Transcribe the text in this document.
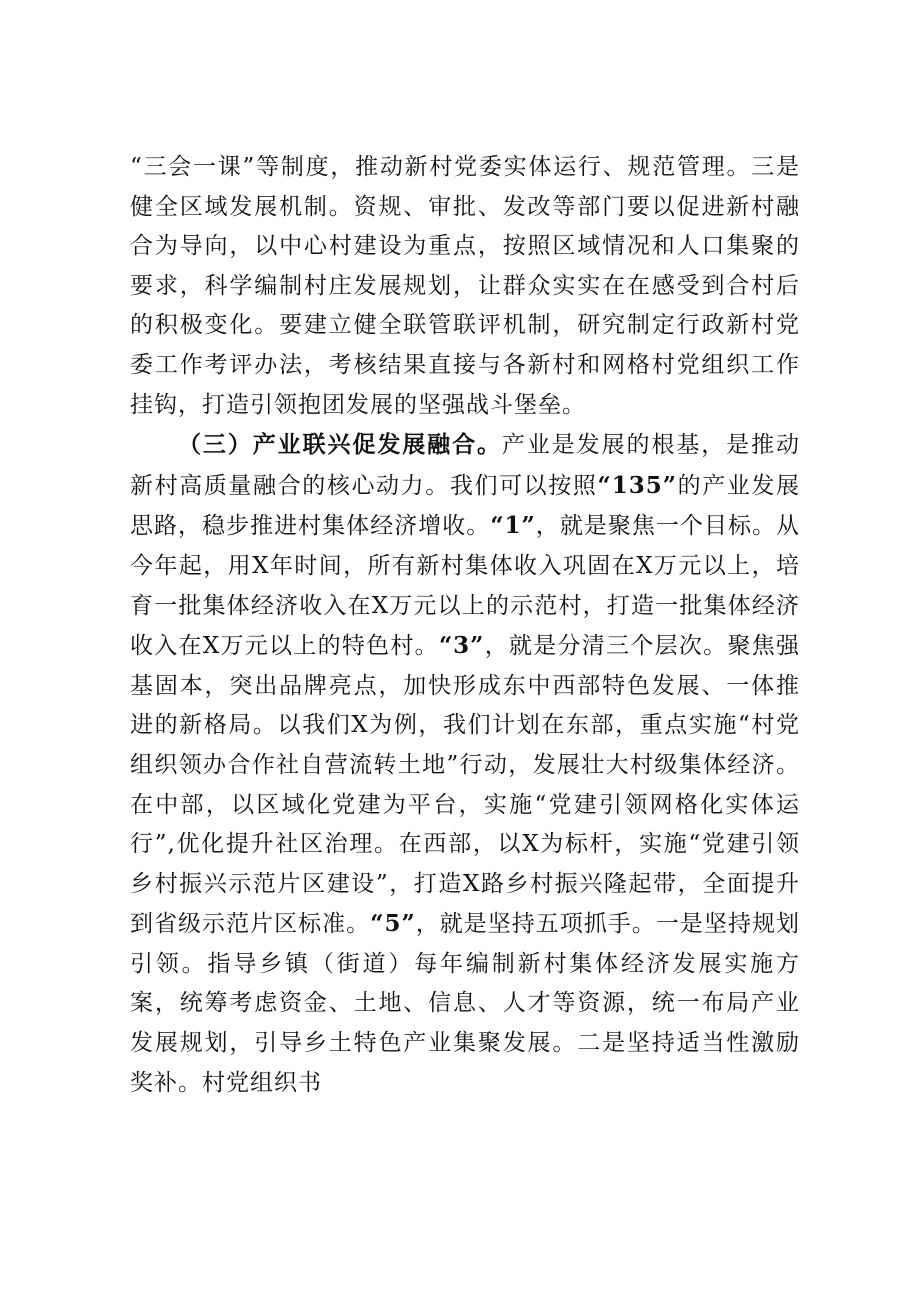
“三会一课”等制度，推动新村党委实体运行、规范管理。三是健全区域发展机制。资规、审批、发改等部门要以促进新村融合为导向，以中心村建设为重点，按照区域情况和人口集聚的要求，科学编制村庄发展规划，让群众实实在在感受到合村后的积极变化。要建立健全联管联评机制，研究制定行政新村党委工作考评办法，考核结果直接与各新村和网格村党组织工作挂钩，打造引领抱团发展的坚强战斗堡垒。

（三）产业联兴促发展融合。产业是发展的根基，是推动新村高质量融合的核心动力。我们可以按照“135”的产业发展思路，稳步推进村集体经济增收。“1”，就是聚焦一个目标。从今年起，用X年时间，所有新村集体收入巩固在X万元以上，培育一批集体经济收入在X万元以上的示范村，打造一批集体经济收入在X万元以上的特色村。“3”，就是分清三个层次。聚焦强基固本，突出品牌亮点，加快形成东中西部特色发展、一体推进的新格局。以我们X为例，我们计划在东部，重点实施“村党组织领办合作社自营流转土地”行动，发展壮大村级集体经济。在中部，以区域化党建为平台，实施“党建引领网格化实体运行”,优化提升社区治理。在西部，以X为标杆，实施“党建引领乡村振兴示范片区建设”，打造X路乡村振兴隆起带，全面提升到省级示范片区标准。“5”，就是坚持五项抓手。一是坚持规划引领。指导乡镇（街道）每年编制新村集体经济发展实施方案，统筹考虑资金、土地、信息、人才等资源，统一布局产业发展规划，引导乡土特色产业集聚发展。二是坚持适当性激励奖补。村党组织书
